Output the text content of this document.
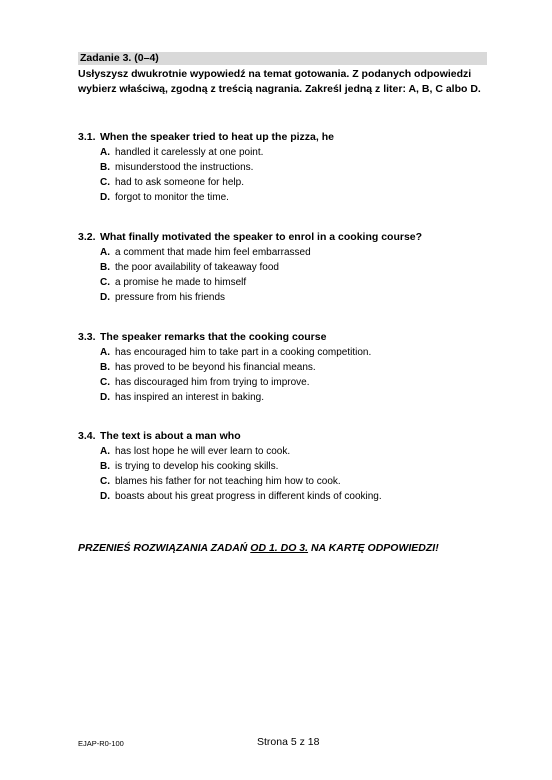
Zadanie 3. (0–4)
Usłyszysz dwukrotnie wypowiedź na temat gotowania. Z podanych odpowiedzi wybierz właściwą, zgodną z treścią nagrania. Zakreśl jedną z liter: A, B, C albo D.
3.1. When the speaker tried to heat up the pizza, he
A. handled it carelessly at one point.
B. misunderstood the instructions.
C. had to ask someone for help.
D. forgot to monitor the time.
3.2. What finally motivated the speaker to enrol in a cooking course?
A. a comment that made him feel embarrassed
B. the poor availability of takeaway food
C. a promise he made to himself
D. pressure from his friends
3.3. The speaker remarks that the cooking course
A. has encouraged him to take part in a cooking competition.
B. has proved to be beyond his financial means.
C. has discouraged him from trying to improve.
D. has inspired an interest in baking.
3.4. The text is about a man who
A. has lost hope he will ever learn to cook.
B. is trying to develop his cooking skills.
C. blames his father for not teaching him how to cook.
D. boasts about his great progress in different kinds of cooking.
PRZENIEŚ ROZWIĄZANIA ZADAŃ OD 1. DO 3. NA KARTĘ ODPOWIEDZI!
EJAP-R0-100	Strona 5 z 18
